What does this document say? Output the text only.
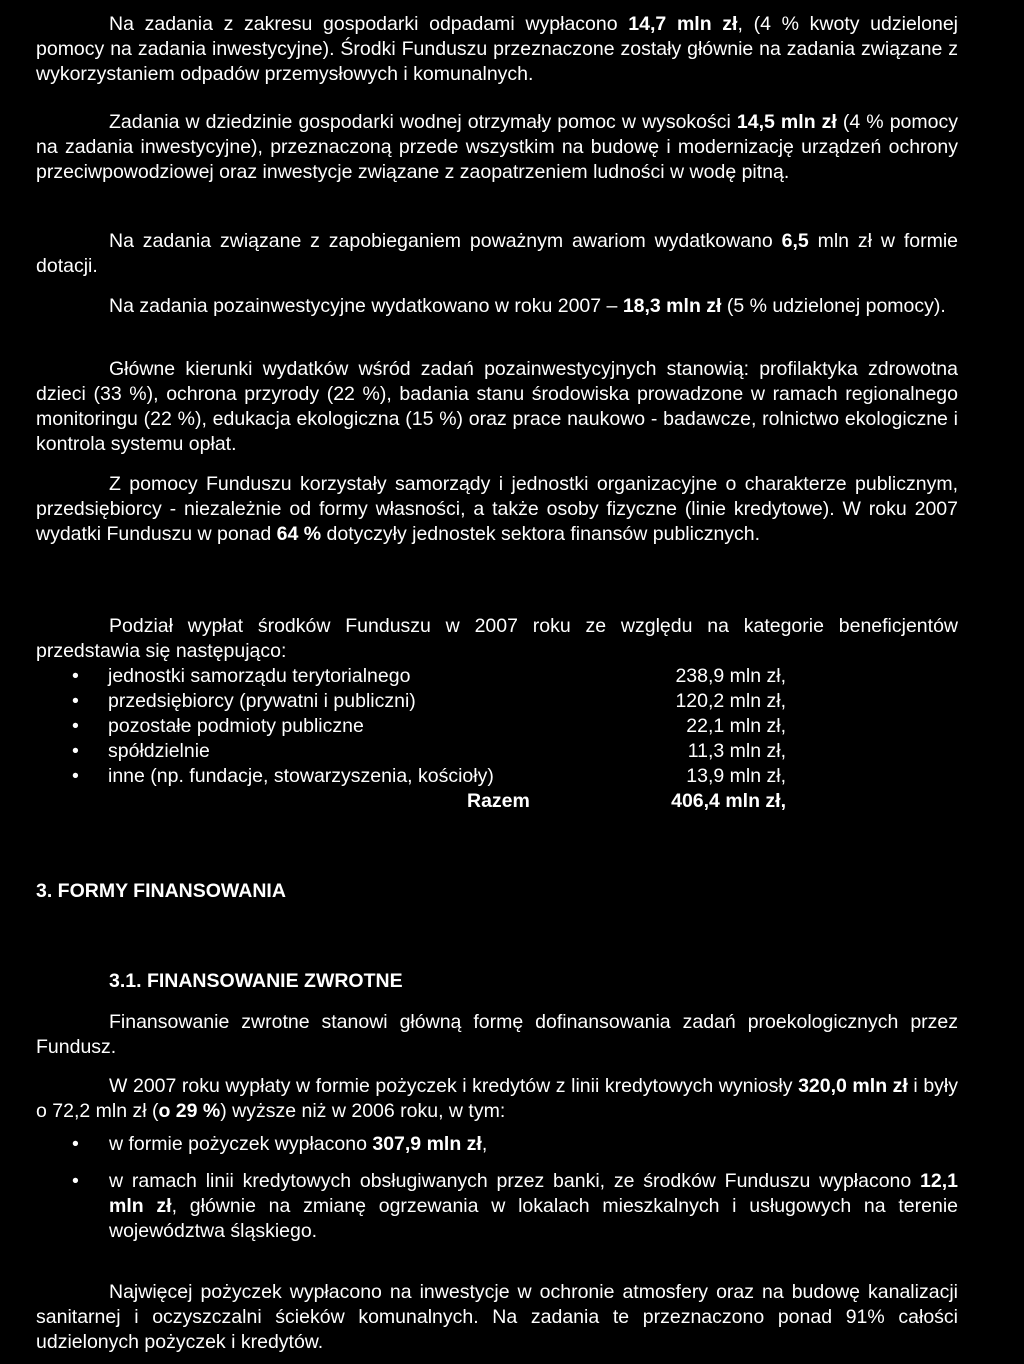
Na zadania z zakresu gospodarki odpadami wypłacono 14,7 mln zł, (4 % kwoty udzielonej pomocy na zadania inwestycyjne). Środki Funduszu przeznaczone zostały głównie na zadania związane z wykorzystaniem odpadów przemysłowych i komunalnych.

Zadania w dziedzinie gospodarki wodnej otrzymały pomoc w wysokości 14,5 mln zł (4 % pomocy na zadania inwestycyjne), przeznaczoną przede wszystkim na budowę i modernizację urządzeń ochrony przeciwpowodziowej oraz inwestycje związane z zaopatrzeniem ludności w wodę pitną.

Na zadania związane z zapobieganiem poważnym awariom wydatkowano 6,5 mln zł w formie dotacji.

Na zadania pozainwestycyjne wydatkowano w roku 2007 – 18,3 mln zł (5 % udzielonej pomocy).

Główne kierunki wydatków wśród zadań pozainwestycyjnych stanowią: profilaktyka zdrowotna dzieci (33 %), ochrona przyrody (22 %), badania stanu środowiska prowadzone w ramach regionalnego monitoringu (22 %), edukacja ekologiczna (15 %) oraz prace naukowo - badawcze, rolnictwo ekologiczne i kontrola systemu opłat.

Z pomocy Funduszu korzystały samorządy i jednostki organizacyjne o charakterze publicznym, przedsiębiorcy - niezależnie od formy własności, a także osoby fizyczne (linie kredytowe). W roku 2007 wydatki Funduszu w ponad 64 % dotyczyły jednostek sektora finansów publicznych.

Podział wypłat środków Funduszu w 2007 roku ze względu na kategorie beneficjentów przedstawia się następująco:

• jednostki samorządu terytorialnego	238,9 mln zł,
• przedsiębiorcy (prywatni i publiczni)	120,2 mln zł,
• pozostałe podmioty publiczne	22,1 mln zł,
• spółdzielnie	11,3 mln zł,
• inne (np. fundacje, stowarzyszenia, kościoły)	13,9 mln zł,
Razem	406,4 mln zł,
3. FORMY FINANSOWANIA
3.1. FINANSOWANIE ZWROTNE

Finansowanie zwrotne stanowi główną formę dofinansowania zadań proekologicznych przez Fundusz.

W 2007 roku wypłaty w formie pożyczek i kredytów z linii kredytowych wyniosły 320,0 mln zł i były o 72,2 mln zł (o 29 %) wyższe niż w 2006 roku, w tym:

• w formie pożyczek wypłacono 307,9 mln zł,
• w ramach linii kredytowych obsługiwanych przez banki, ze środków Funduszu wypłacono 12,1 mln zł, głównie na zmianę ogrzewania w lokalach mieszkalnych i usługowych na terenie województwa śląskiego.

Najwięcej pożyczek wypłacono na inwestycje w ochronie atmosfery oraz na budowę kanalizacji sanitarnej i oczyszczalni ścieków komunalnych. Na zadania te przeznaczono ponad 91% całości udzielonych pożyczek i kredytów.
